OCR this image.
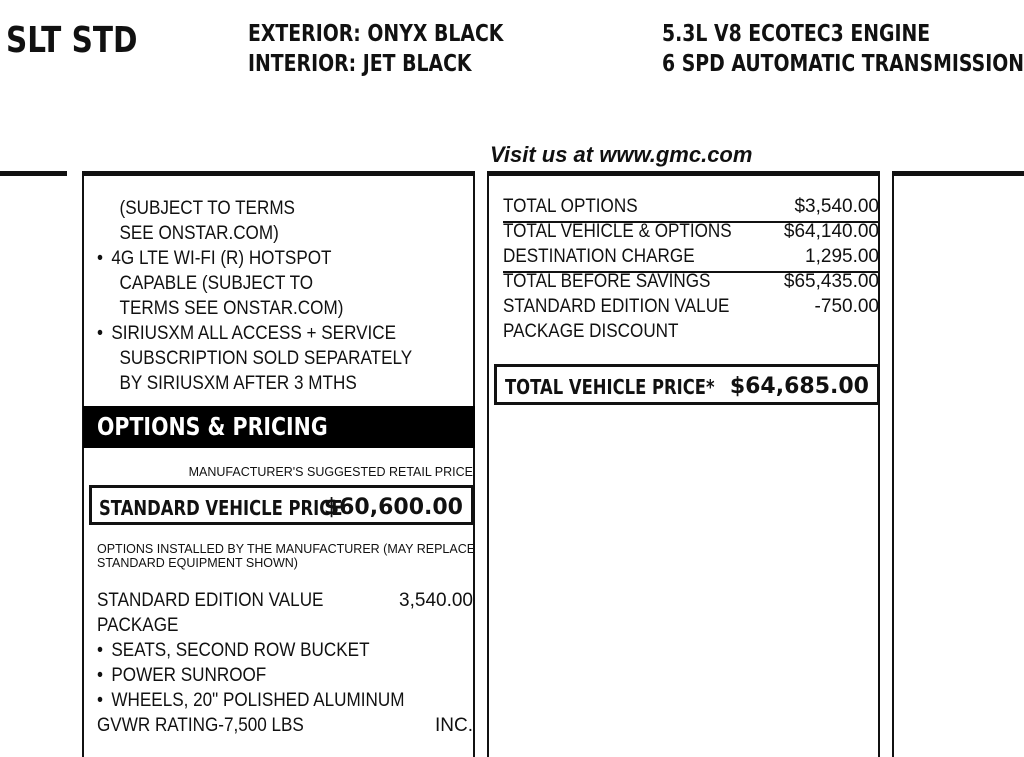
SLT STD	EXTERIOR: ONYX BLACK
INTERIOR: JET BLACK
5.3L V8 ECOTEC3 ENGINE
6 SPD AUTOMATIC TRANSMISSION
Visit us at www.gmc.com
(SUBJECT TO TERMS
SEE ONSTAR.COM)
• 4G LTE WI-FI (R) HOTSPOT
CAPABLE (SUBJECT TO
TERMS SEE ONSTAR.COM)
• SIRIUSXM ALL ACCESS + SERVICE
SUBSCRIPTION SOLD SEPARATELY
BY SIRIUSXM AFTER 3 MTHS
OPTIONS & PRICING
MANUFACTURER'S SUGGESTED RETAIL PRICE
STANDARD VEHICLE PRICE
$60,600.00
OPTIONS INSTALLED BY THE MANUFACTURER (MAY REPLACE
STANDARD EQUIPMENT SHOWN)
STANDARD EDITION VALUE	3,540.00
PACKAGE
• SEATS, SECOND ROW BUCKET
• POWER SUNROOF
• WHEELS, 20" POLISHED ALUMINUM
GVWR RATING-7,500 LBS	INC.
TOTAL OPTIONS	$3,540.00
TOTAL VEHICLE & OPTIONS	$64,140.00
DESTINATION CHARGE	1,295.00
TOTAL BEFORE SAVINGS	$65,435.00
STANDARD EDITION VALUE	-750.00
PACKAGE DISCOUNT
TOTAL VEHICLE PRICE* $64,685.00
